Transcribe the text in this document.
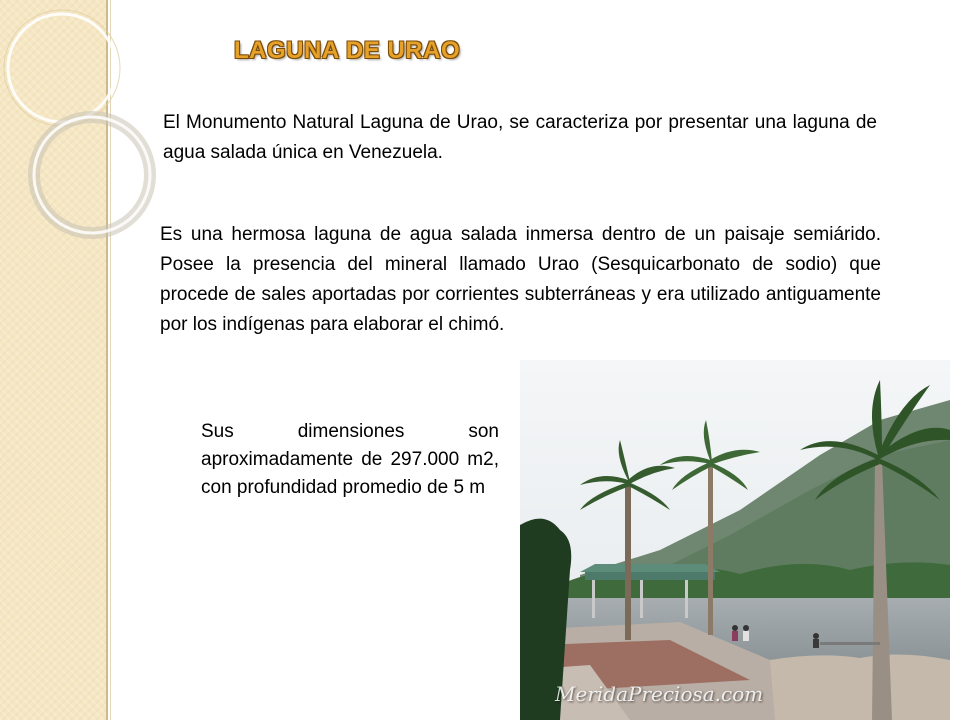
LAGUNA DE URAO

El Monumento Natural Laguna de Urao, se caracteriza por presentar una laguna de agua salada única en Venezuela.

Es una hermosa laguna de agua salada inmersa dentro de un paisaje semiárido. Posee la presencia del mineral llamado Urao (Sesquicarbonato de sodio) que procede de sales aportadas por corrientes subterráneas y era utilizado antiguamente por los indígenas para elaborar el chimó.

Sus dimensiones son aproximadamente de 297.000 m2, con profundidad promedio de 5 m

MeridaPreciosa.com
